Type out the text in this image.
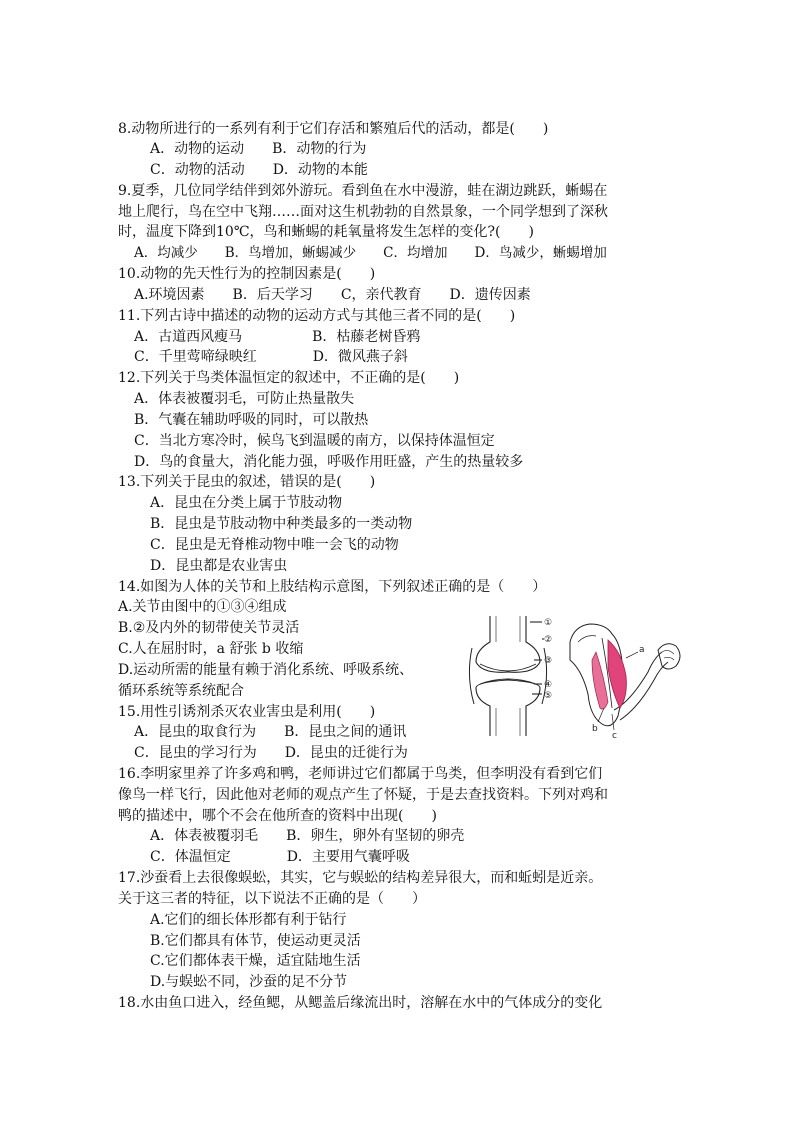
8.动物所进行的一系列有利于它们存活和繁殖后代的活动，都是(　　)
A．动物的运动　　B．动物的行为
C．动物的活动　　D．动物的本能
9.夏季，几位同学结伴到郊外游玩。看到鱼在水中漫游，蛙在湖边跳跃，蜥蜴在
地上爬行，鸟在空中飞翔……面对这生机勃勃的自然景象，一个同学想到了深秋
时，温度下降到10℃，鸟和蜥蜴的耗氧量将发生怎样的变化?(　　)
A．均减少　　B．鸟增加，蜥蜴减少　　C．均增加　　D．鸟减少，蜥蜴增加
10.动物的先天性行为的控制因素是(　　)
A.环境因素　　B．后天学习　　C，亲代教育　　D．遗传因素
11.下列古诗中描述的动物的运动方式与其他三者不同的是(　　)
A．古道西风瘦马　　　　　B．枯藤老树昏鸦
C．千里莺啼绿映红　　　　D．微风燕子斜
12.下列关于鸟类体温恒定的叙述中，不正确的是(　　)
A．体表被覆羽毛，可防止热量散失
B．气囊在辅助呼吸的同时，可以散热
C．当北方寒冷时，候鸟飞到温暖的南方，以保持体温恒定
D．鸟的食量大，消化能力强，呼吸作用旺盛，产生的热量较多
13.下列关于昆虫的叙述，错误的是(　　)
A．昆虫在分类上属于节肢动物
B．昆虫是节肢动物中种类最多的一类动物
C．昆虫是无脊椎动物中唯一会飞的动物
D．昆虫都是农业害虫
14.如图为人体的关节和上肢结构示意图，下列叙述正确的是（　　）
A.关节由图中的①③④组成
B.②及内外的韧带使关节灵活
C.人在屈肘时，a 舒张 b 收缩
D.运动所需的能量有赖于消化系统、呼吸系统、
循环系统等系统配合
15.用性引诱剂杀灭农业害虫是利用(　　)
A．昆虫的取食行为　　B．昆虫之间的通讯
C．昆虫的学习行为　　D．昆虫的迁徙行为
16.李明家里养了许多鸡和鸭，老师讲过它们都属于鸟类，但李明没有看到它们
像鸟一样飞行，因此他对老师的观点产生了怀疑，于是去查找资料。下列对鸡和
鸭的描述中，哪个不会在他所查的资料中出现(　　)
A．体表被覆羽毛　　B．卵生，卵外有坚韧的卵壳
C．体温恒定　　　　D．主要用气囊呼吸
17.沙蚕看上去很像蜈蚣，其实，它与蜈蚣的结构差异很大，而和蚯蚓是近亲。
关于这三者的特征，以下说法不正确的是（　　）
A.它们的细长体形都有利于钻行
B.它们都具有体节，使运动更灵活
C.它们都体表干燥，适宜陆地生活
D.与蜈蚣不同，沙蚕的足不分节
18.水由鱼口进入，经鱼鳃，从鳃盖后缘流出时，溶解在水中的气体成分的变化
①
②
③
④
⑤
a
b
c
